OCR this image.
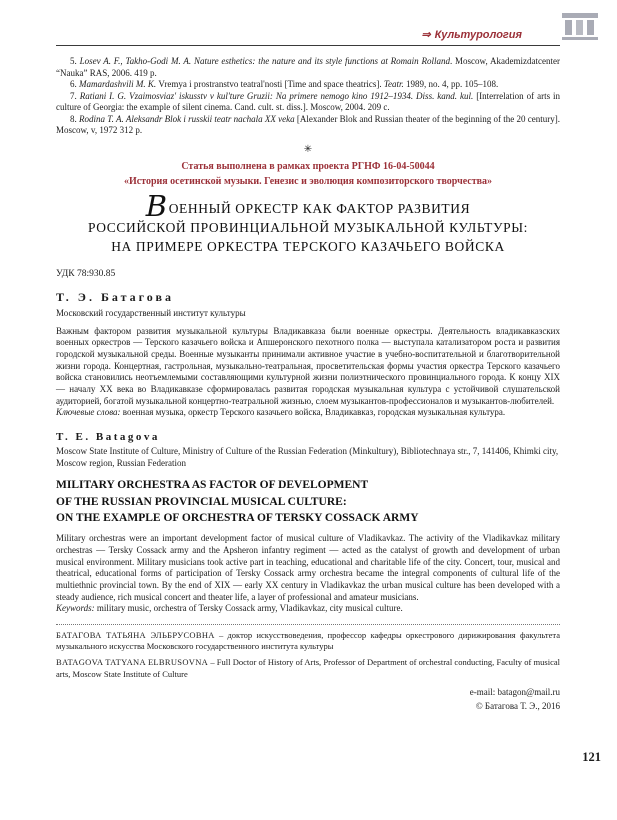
⇒ Культурология

5. Losev A. F., Takho-Godi M. A. Nature esthetics: the nature and its style functions at Romain Rolland. Moscow, Akademizdatcenter “Nauka” RAS, 2006. 419 p.

6. Mamardashvili M. K. Vremya i prostranstvo teatral'nosti [Time and space theatrics]. Teatr. 1989, no. 4, pp. 105–108.

7. Ratiani I. G. Vzaimosviaz' iskusstv v kul'ture Gruzii: Na primere nemogo kino 1912–1934. Diss. kand. kul. [Interrelation of arts in culture of Georgia: the example of silent cinema. Cand. cult. st. diss.]. Moscow, 2004. 209 с.

8. Rodina T. A. Aleksandr Blok i russkii teatr nachala XX veka [Alexander Blok and Russian theater of the beginning of the 20 century]. Moscow, v, 1972 312 p.

✳
Статья выполнена в рамках проекта РГНФ 16-04-50044
«История осетинской музыки. Генезис и эволюция композиторского творчества»
ВОЕННЫЙ ОРКЕСТР КАК ФАКТОР РАЗВИТИЯ
РОССИЙСКОЙ ПРОВИНЦИАЛЬНОЙ МУЗЫКАЛЬНОЙ КУЛЬТУРЫ:
НА ПРИМЕРЕ ОРКЕСТРА ТЕРСКОГО КАЗАЧЬЕГО ВОЙСКА

УДК 78:930.85

Т. Э. Батагова

Московский государственный институт культуры

Важным фактором развития музыкальной культуры Владикавказа были военные оркестры. Деятельность владикавказских военных оркестров — Терского казачьего войска и Апшеронского пехотного полка — выступала катализатором роста и развития городской музыкальной среды. Военные музыканты принимали активное участие в учебно-воспитательной и благотворительной жизни города. Концертная, гастрольная, музыкально-театральная, просветительская формы участия оркестра Терского казачьего войска становились неотъемлемыми составляющими культурной жизни полиэтнического провинциального города. К концу XIX — началу XX века во Владикавказе сформировалась развитая городская музыкальная культура с устойчивой слушательской аудиторией, богатой музыкальной концертно-театральной жизнью, слоем музыкантов-профессионалов и музыкантов-любителей.

Ключевые слова: военная музыка, оркестр Терского казачьего войска, Владикавказ, городская музыкальная культура.

T. E. Batagova

Moscow State Institute of Culture, Ministry of Culture of the Russian Federation (Minkultury), Bibliotechnaya str., 7, 141406, Khimki city, Moscow region, Russian Federation

MILITARY ORCHESTRA AS FACTOR OF DEVELOPMENT
OF THE RUSSIAN PROVINCIAL MUSICAL CULTURE:
ON THE EXAMPLE OF ORCHESTRA OF TERSKY COSSACK ARMY

Military orchestras were an important development factor of musical culture of Vladikavkaz. The activity of the Vladikavkaz military orchestras — Tersky Cossack army and the Apsheron infantry regiment — acted as the catalyst of growth and development of urban musical environment. Military musicians took active part in teaching, educational and charitable life of the city. Concert, tour, musical and theatrical, educational forms of participation of Tersky Cossack army orchestra became the integral components of cultural life of the multiethnic provincial town. By the end of XIX — early XX century in Vladikavkaz the urban musical culture has been developed with a steady audience, rich musical concert and theater life, a layer of professional and amateur musicians.

Keywords: military music, orchestra of Tersky Cossack army, Vladikavkaz, city musical culture.

БАТАГОВА ТАТЬЯНА ЭЛЬБРУСОВНА – доктор искусствоведения, профессор кафедры оркестрового дирижирования факультета музыкального искусства Московского государственного института культуры

BATAGOVA TATYANA ELBRUSOVNA – Full Doctor of History of Arts, Professor of Department of orchestral conducting, Faculty of musical arts, Moscow State Institute of Culture

e-mail: batagon@mail.ru
© Батагова Т. Э., 2016
121
